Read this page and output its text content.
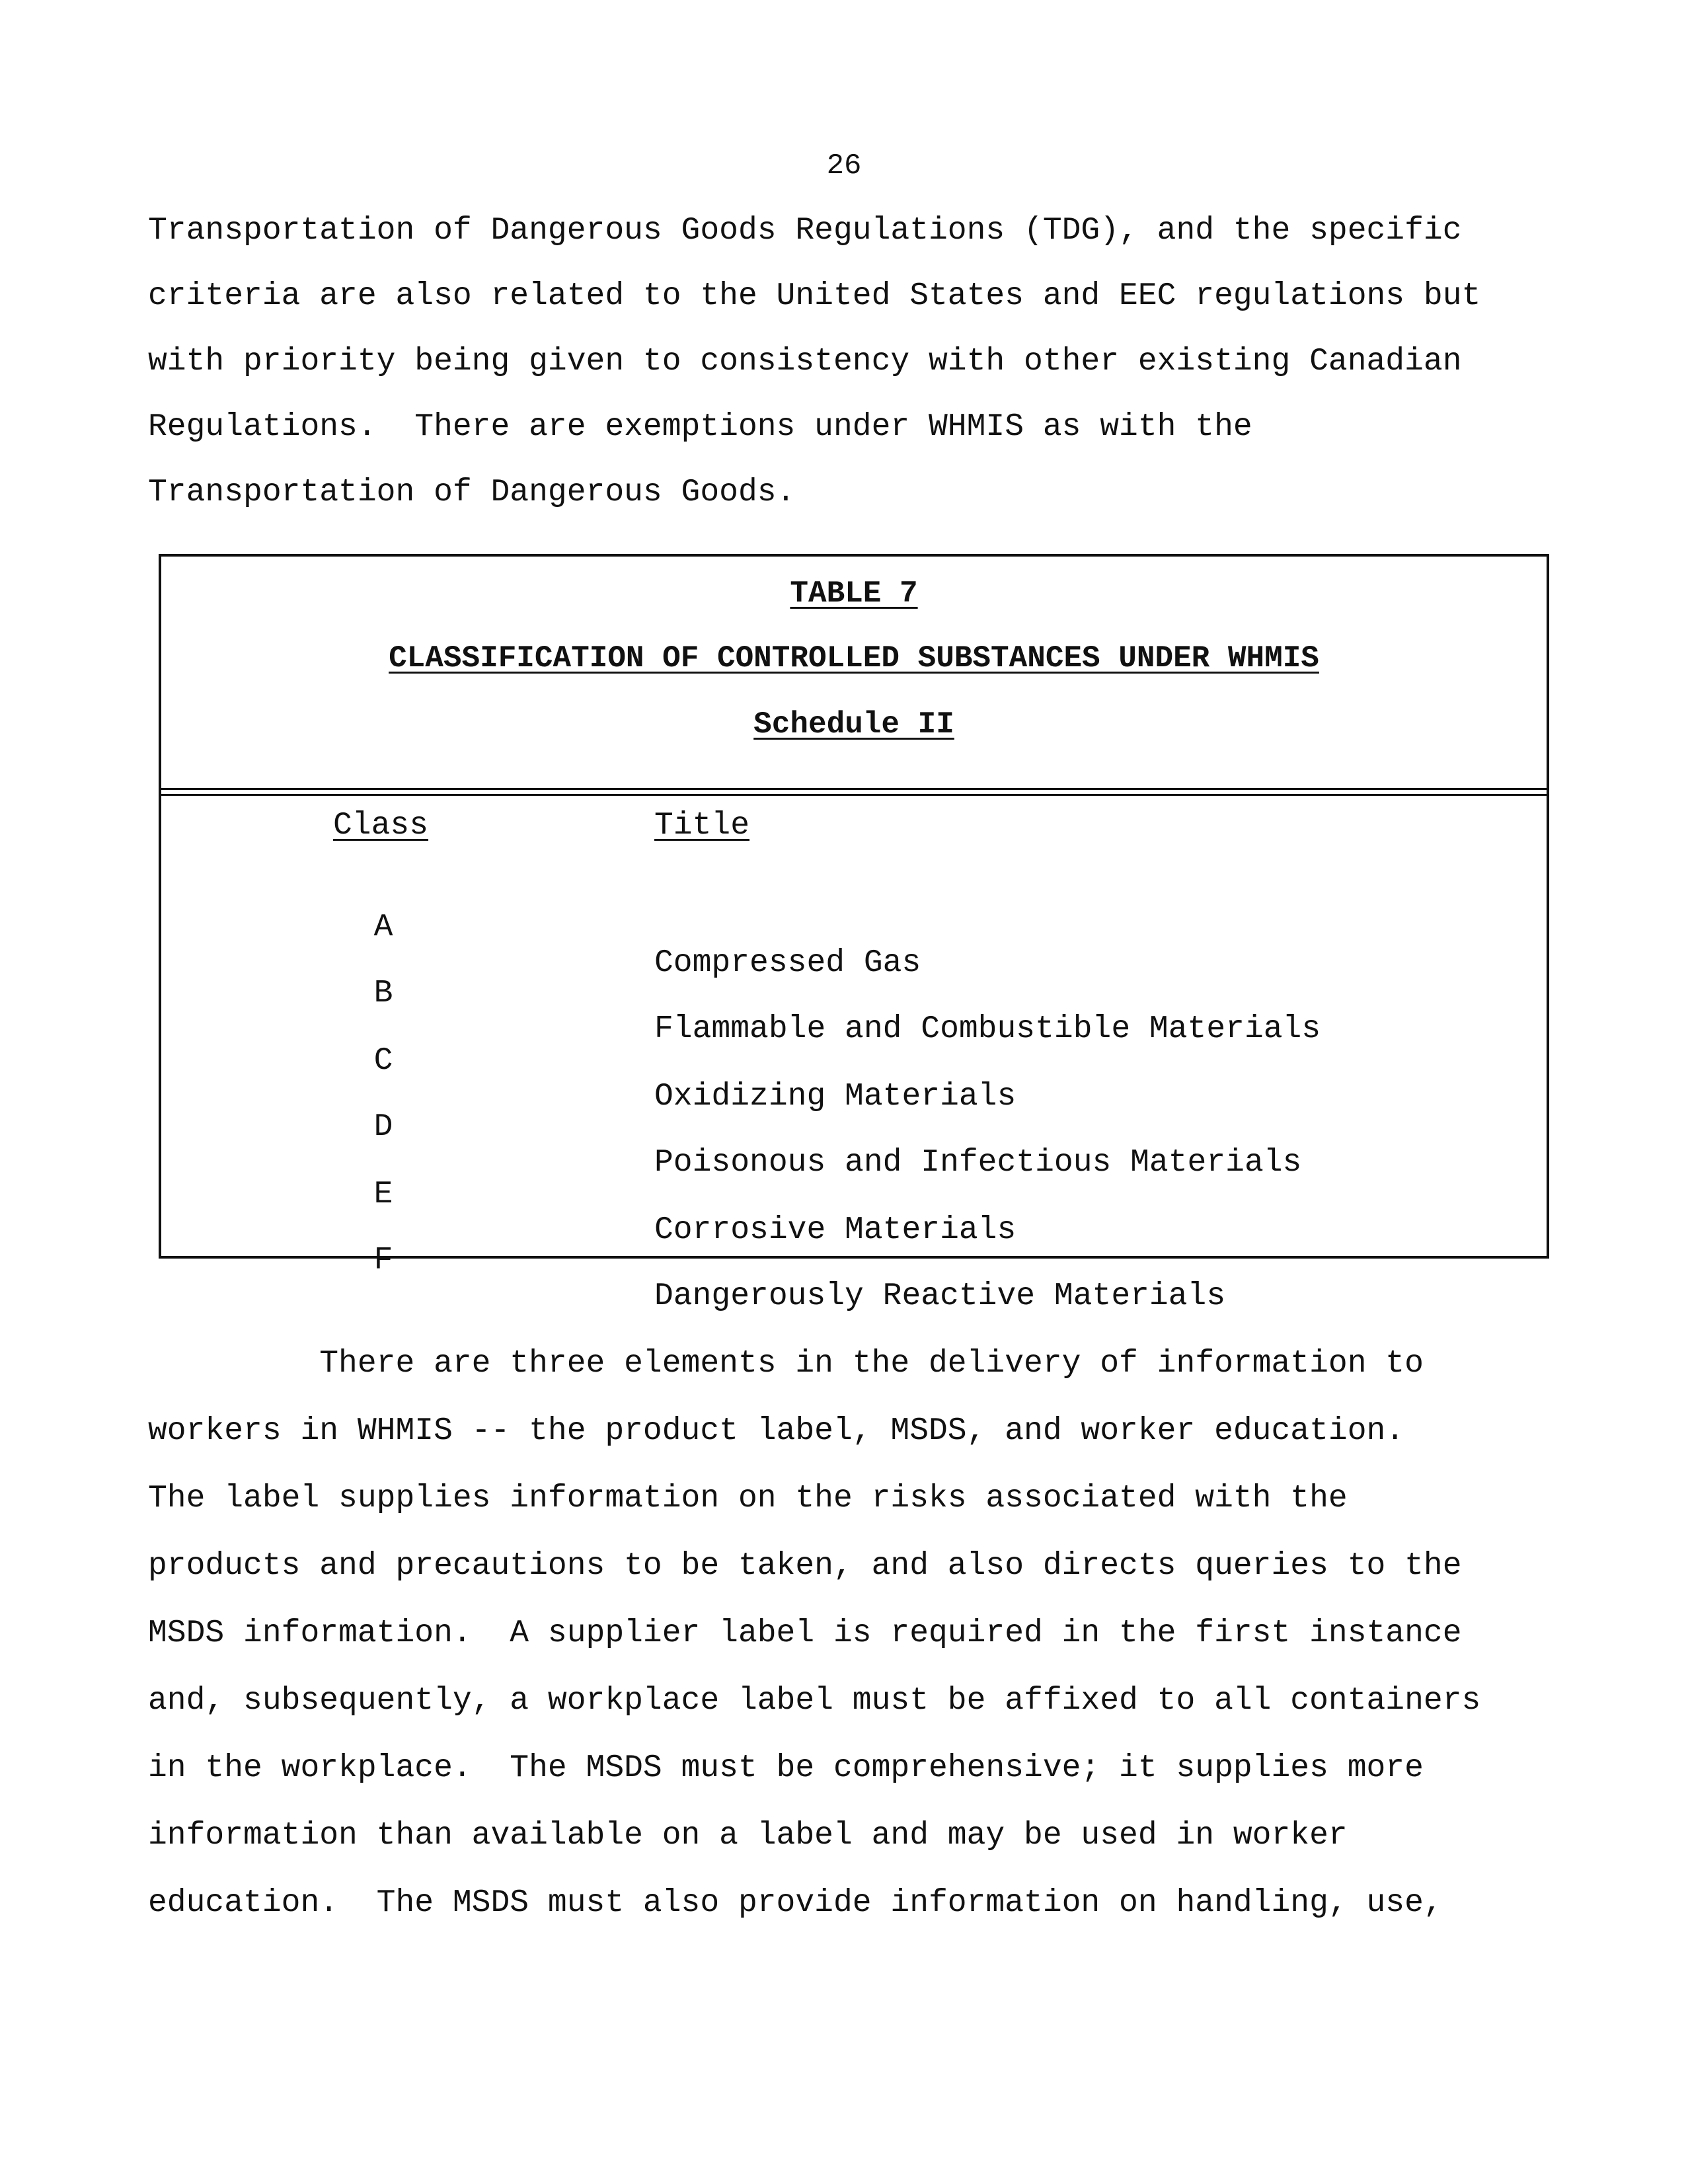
26
Transportation of Dangerous Goods Regulations (TDG), and the specific
criteria are also related to the United States and EEC regulations but
with priority being given to consistency with other existing Canadian
Regulations.  There are exemptions under WHMIS as with the
Transportation of Dangerous Goods.
TABLE 7
CLASSIFICATION OF CONTROLLED SUBSTANCES UNDER WHMIS
Schedule II
Class	Title

A

Compressed Gas

B

Flammable and Combustible Materials

C

Oxidizing Materials

D

Poisonous and Infectious Materials

E

Corrosive Materials

F

Dangerously Reactive Materials

There are three elements in the delivery of information to
workers in WHMIS -- the product label, MSDS, and worker education.
The label supplies information on the risks associated with the
products and precautions to be taken, and also directs queries to the
MSDS information.  A supplier label is required in the first instance
and, subsequently, a workplace label must be affixed to all containers
in the workplace.  The MSDS must be comprehensive; it supplies more
information than available on a label and may be used in worker
education.  The MSDS must also provide information on handling, use,
